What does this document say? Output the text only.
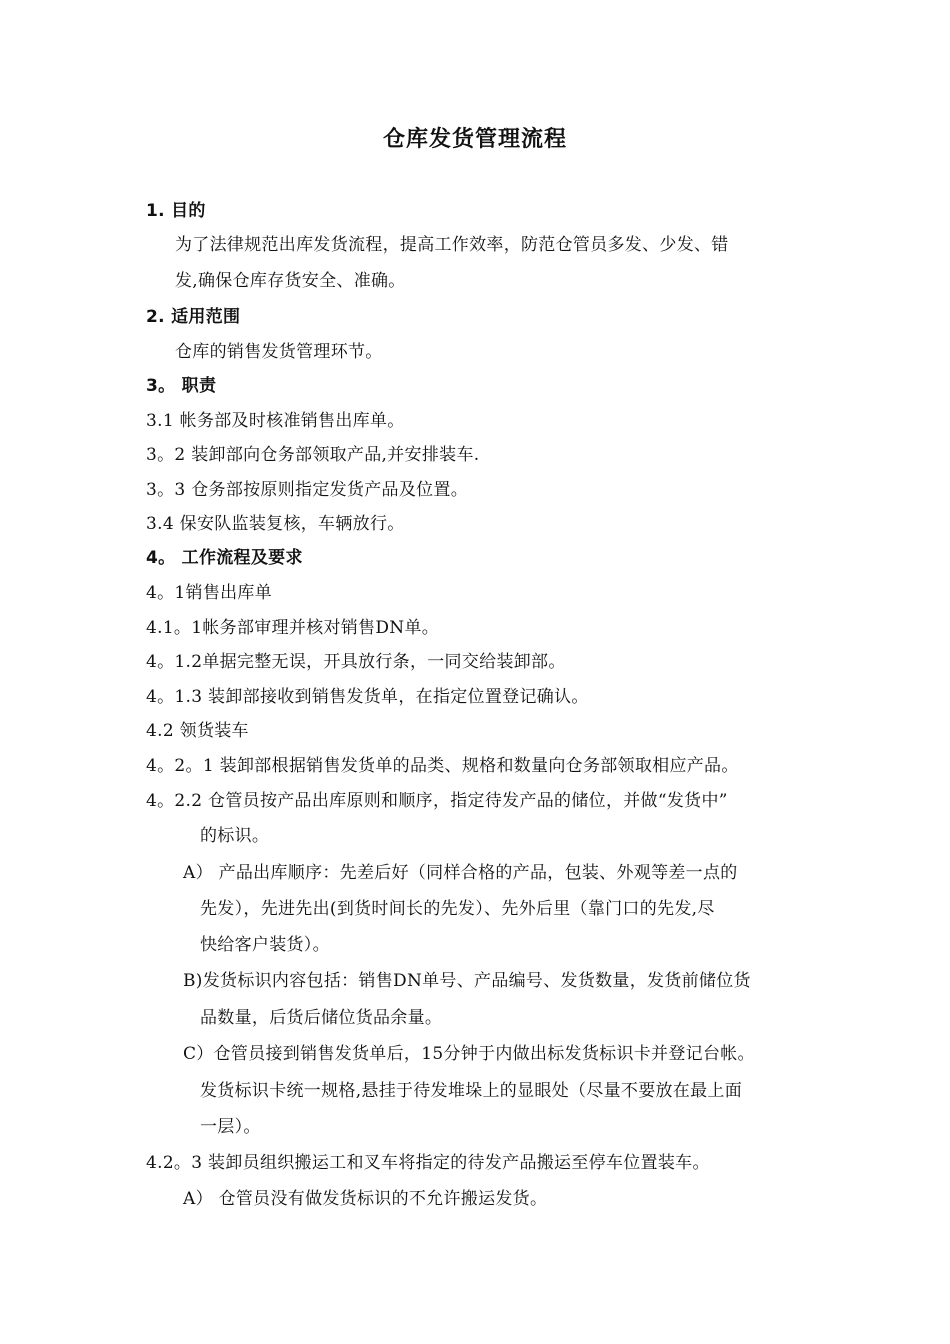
仓库发货管理流程
1. 目的
为了法律规范出库发货流程，提高工作效率，防范仓管员多发、少发、错
发,确保仓库存货安全、准确。
2. 适用范围
仓库的销售发货管理环节。
3。 职责
3.1 帐务部及时核准销售出库单。
3。2 装卸部向仓务部领取产品,并安排装车.
3。3 仓务部按原则指定发货产品及位置。
3.4 保安队监装复核，车辆放行。
4。 工作流程及要求
4。1销售出库单
4.1。1帐务部审理并核对销售DN单。
4。1.2单据完整无误，开具放行条，一同交给装卸部。
4。1.3 装卸部接收到销售发货单，在指定位置登记确认。
4.2 领货装车
4。2。1 装卸部根据销售发货单的品类、规格和数量向仓务部领取相应产品。
4。2.2 仓管员按产品出库原则和顺序，指定待发产品的储位，并做“发货中”
的标识。
A） 产品出库顺序：先差后好（同样合格的产品，包装、外观等差一点的
先发），先进先出(到货时间长的先发）、先外后里（靠门口的先发,尽
快给客户装货）。
B)发货标识内容包括：销售DN单号、产品编号、发货数量，发货前储位货
品数量，后货后储位货品余量。
C）仓管员接到销售发货单后，15分钟于内做出标发货标识卡并登记台帐。
发货标识卡统一规格,悬挂于待发堆垛上的显眼处（尽量不要放在最上面
一层）。
4.2。3 装卸员组织搬运工和叉车将指定的待发产品搬运至停车位置装车。
A） 仓管员没有做发货标识的不允许搬运发货。
